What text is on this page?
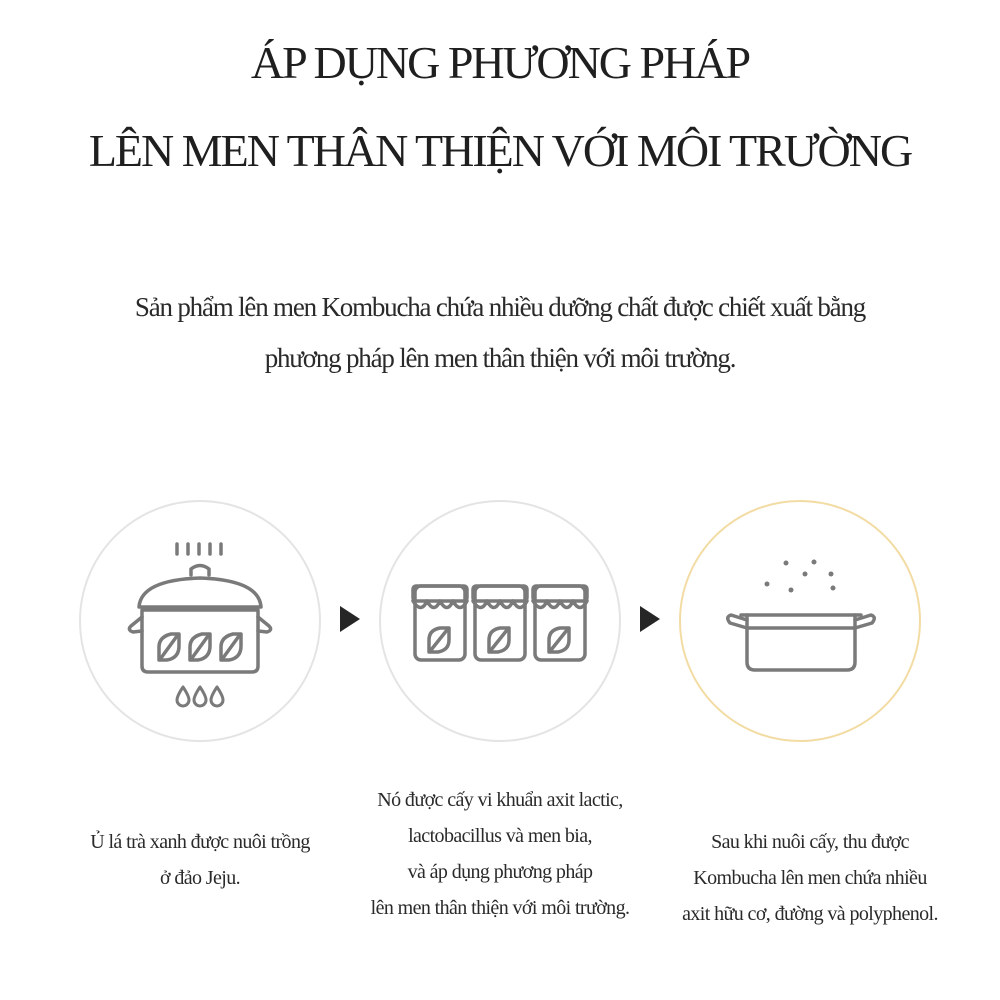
ÁP DỤNG PHƯƠNG PHÁP
LÊN MEN THÂN THIỆN VỚI MÔI TRƯỜNG
Sản phẩm lên men Kombucha chứa nhiều dưỡng chất được chiết xuất bằng
phương pháp lên men thân thiện với môi trường.
Ủ lá trà xanh được nuôi trồng
ở đảo Jeju.
Nó được cấy vi khuẩn axit lactic,
lactobacillus và men bia,
và áp dụng phương pháp
lên men thân thiện với môi trường.
Sau khi nuôi cấy, thu được
Kombucha lên men chứa nhiều
axit hữu cơ, đường và polyphenol.
